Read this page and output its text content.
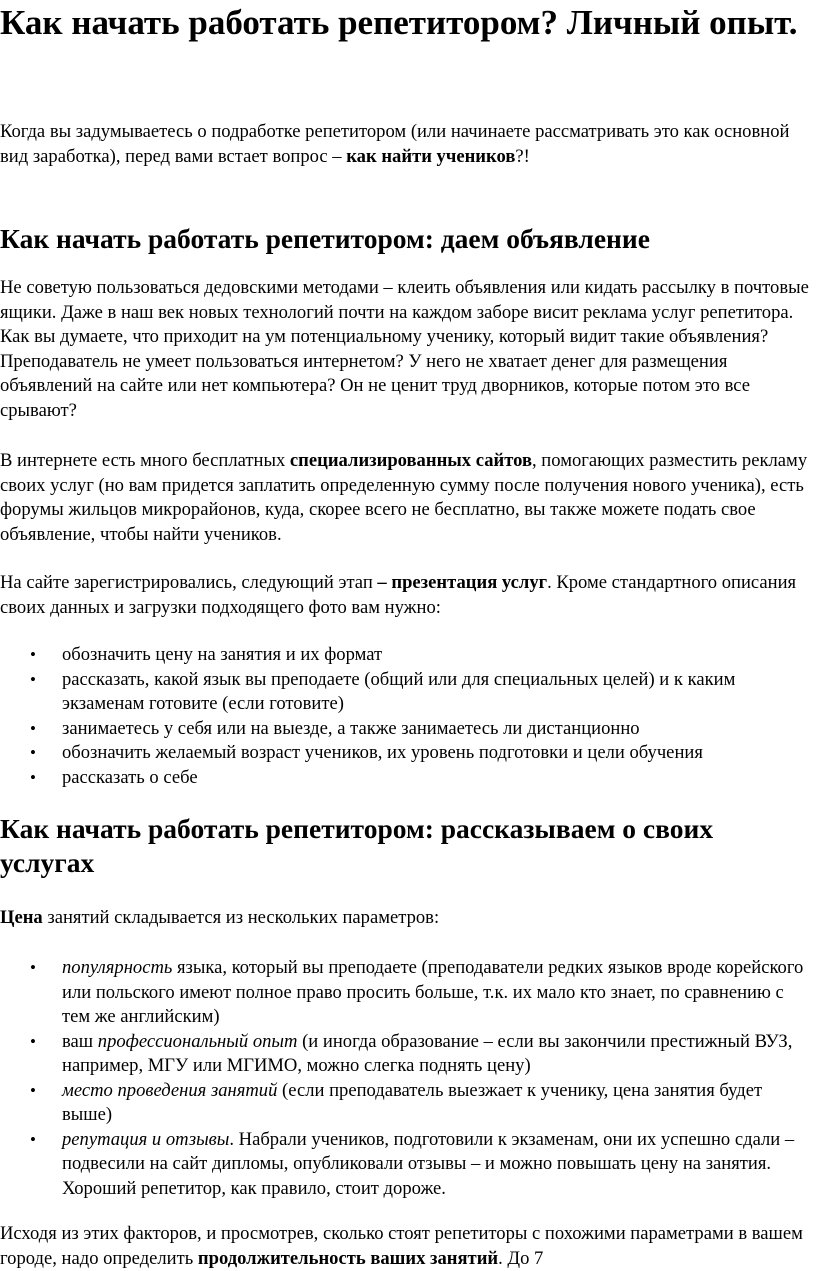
Как начать работать репетитором? Личный опыт.

Когда вы задумываетесь о подработке репетитором (или начинаете рассматривать это как основной вид заработка), перед вами встает вопрос – как найти учеников?!

Как начать работать репетитором: даем объявление

Не советую пользоваться дедовскими методами – клеить объявления или кидать рассылку в почтовые ящики. Даже в наш век новых технологий почти на каждом заборе висит реклама услуг репетитора. Как вы думаете, что приходит на ум потенциальному ученику, который видит такие объявления? Преподаватель не умеет пользоваться интернетом? У него не хватает денег для размещения объявлений на сайте или нет компьютера? Он не ценит труд дворников, которые потом это все срывают?

В интернете есть много бесплатных специализированных сайтов, помогающих разместить рекламу своих услуг (но вам придется заплатить определенную сумму после получения нового ученика), есть форумы жильцов микрорайонов, куда, скорее всего не бесплатно, вы также можете подать свое объявление, чтобы найти учеников.

На сайте зарегистрировались, следующий этап – презентация услуг. Кроме стандартного описания своих данных и загрузки подходящего фото вам нужно:

• обозначить цену на занятия и их формат
• рассказать, какой язык вы преподаете (общий или для специальных целей) и к каким экзаменам готовите (если готовите)
• занимаетесь у себя или на выезде, а также занимаетесь ли дистанционно
• обозначить желаемый возраст учеников, их уровень подготовки и цели обучения
• рассказать о себе
Как начать работать репетитором: рассказываем о своих услугах

Цена занятий складывается из нескольких параметров:

• популярность языка, который вы преподаете (преподаватели редких языков вроде корейского или польского имеют полное право просить больше, т.к. их мало кто знает, по сравнению с тем же английским)
• ваш профессиональный опыт (и иногда образование – если вы закончили престижный ВУЗ, например, МГУ или МГИМО, можно слегка поднять цену)
• место проведения занятий (если преподаватель выезжает к ученику, цена занятия будет выше)
• репутация и отзывы. Набрали учеников, подготовили к экзаменам, они их успешно сдали – подвесили на сайт дипломы, опубликовали отзывы – и можно повышать цену на занятия. Хороший репетитор, как правило, стоит дороже.

Исходя из этих факторов, и просмотрев, сколько стоят репетиторы с похожими параметрами в вашем городе, надо определить продолжительность ваших занятий. До 7
